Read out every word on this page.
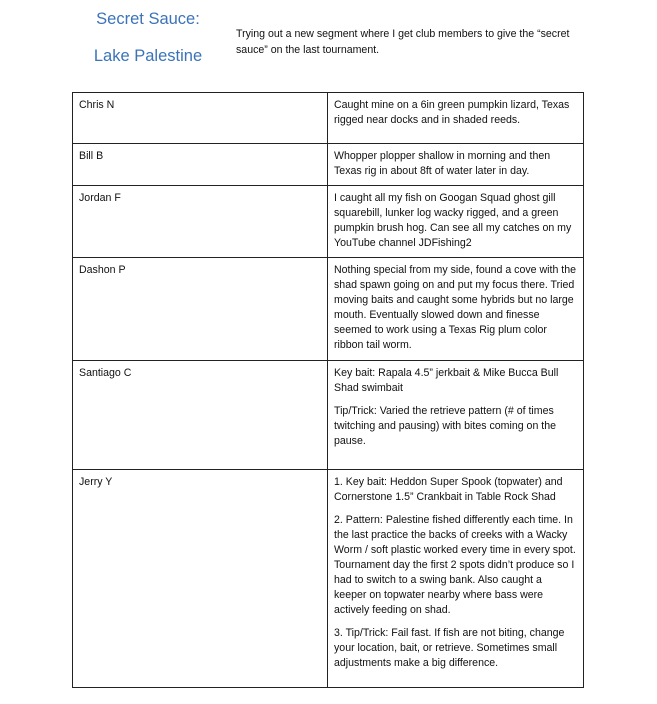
Secret Sauce:
Lake Palestine
Trying out a new segment where I get club members to give the “secret sauce” on the last tournament.
Chris N	Caught mine on a 6in green pumpkin lizard, Texas rigged near docks and in shaded reeds.

Bill B	Whopper plopper shallow in morning and then Texas rig in about 8ft of water later in day.

Jordan F	I caught all my fish on Googan Squad ghost gill squarebill, lunker log wacky rigged, and a green pumpkin brush hog. Can see all my catches on my YouTube channel JDFishing2

Dashon P	Nothing special from my side, found a cove with the shad spawn going on and put my focus there. Tried moving baits and caught some hybrids but no large mouth. Eventually slowed down and finesse seemed to work using a Texas Rig plum color ribbon tail worm.

Santiago C	Key bait: Rapala 4.5” jerkbait & Mike Bucca Bull Shad swimbait

Tip/Trick: Varied the retrieve pattern (# of times twitching and pausing) with bites coming on the pause.

Jerry Y	1. Key bait: Heddon Super Spook (topwater) and Cornerstone 1.5” Crankbait in Table Rock Shad

2. Pattern: Palestine fished differently each time. In the last practice the backs of creeks with a Wacky Worm / soft plastic worked every time in every spot. Tournament day the first 2 spots didn’t produce so I had to switch to a swing bank. Also caught a keeper on topwater nearby where bass were actively feeding on shad.

3. Tip/Trick: Fail fast. If fish are not biting, change your location, bait, or retrieve. Sometimes small adjustments make a big difference.
